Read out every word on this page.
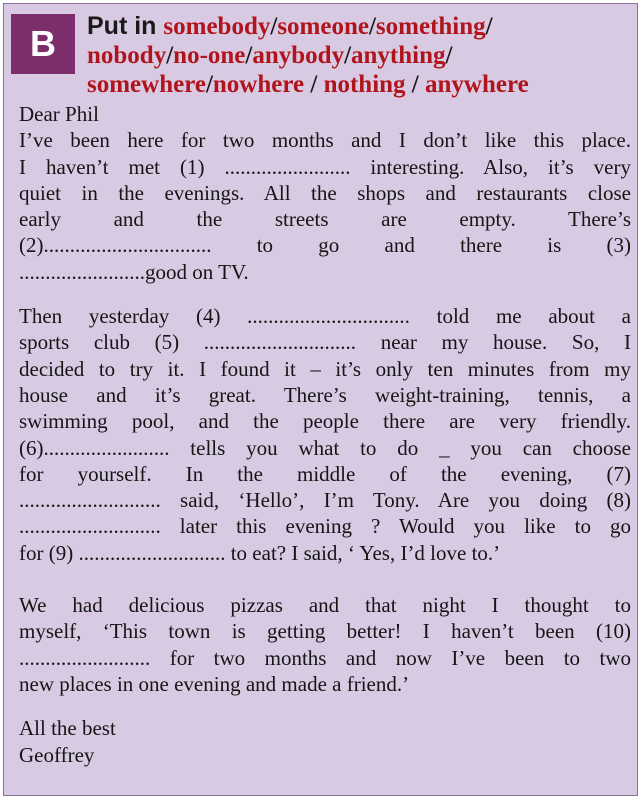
B Put in somebody/someone/something/
nobody/no-one/anybody/anything/
somewhere/nowhere / nothing / anywhere
Dear Phil
I’ve been here for two months and I don’t like this place.
I haven’t met (1) ........................ interesting. Also, it’s very
quiet in the evenings. All the shops and restaurants close
early and the streets are empty. There’s
(2)................................ to go and there is (3)
........................good on TV.
Then yesterday (4) ............................... told me about a
sports club (5) ............................. near my house. So, I
decided to try it. I found it – it’s only ten minutes from my
house and it’s great. There’s weight-training, tennis, a
swimming pool, and the people there are very friendly.
(6)........................ tells you what to do _ you can choose
for yourself. In the middle of the evening, (7)
........................... said, ‘Hello’, I’m Tony. Are you doing (8)
........................... later this evening ? Would you like to go
for (9) ............................ to eat? I said, ‘ Yes, I’d love to.’
We had delicious pizzas and that night I thought to
myself, ‘This town is getting better! I haven’t been (10)
......................... for two months and now I’ve been to two
new places in one evening and made a friend.’
All the best
Geoffrey
